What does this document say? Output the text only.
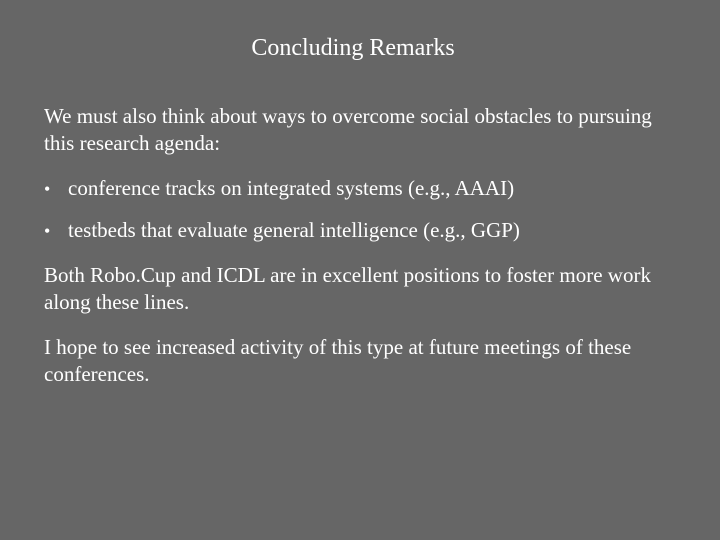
Concluding Remarks

We must also think about ways to overcome social obstacles to pursuing this research agenda:

• conference tracks on integrated systems (e.g., AAAI)
• testbeds that evaluate general intelligence (e.g., GGP)

Both Robo.Cup and ICDL are in excellent positions to foster more work along these lines.

I hope to see increased activity of this type at future meetings of these conferences.
